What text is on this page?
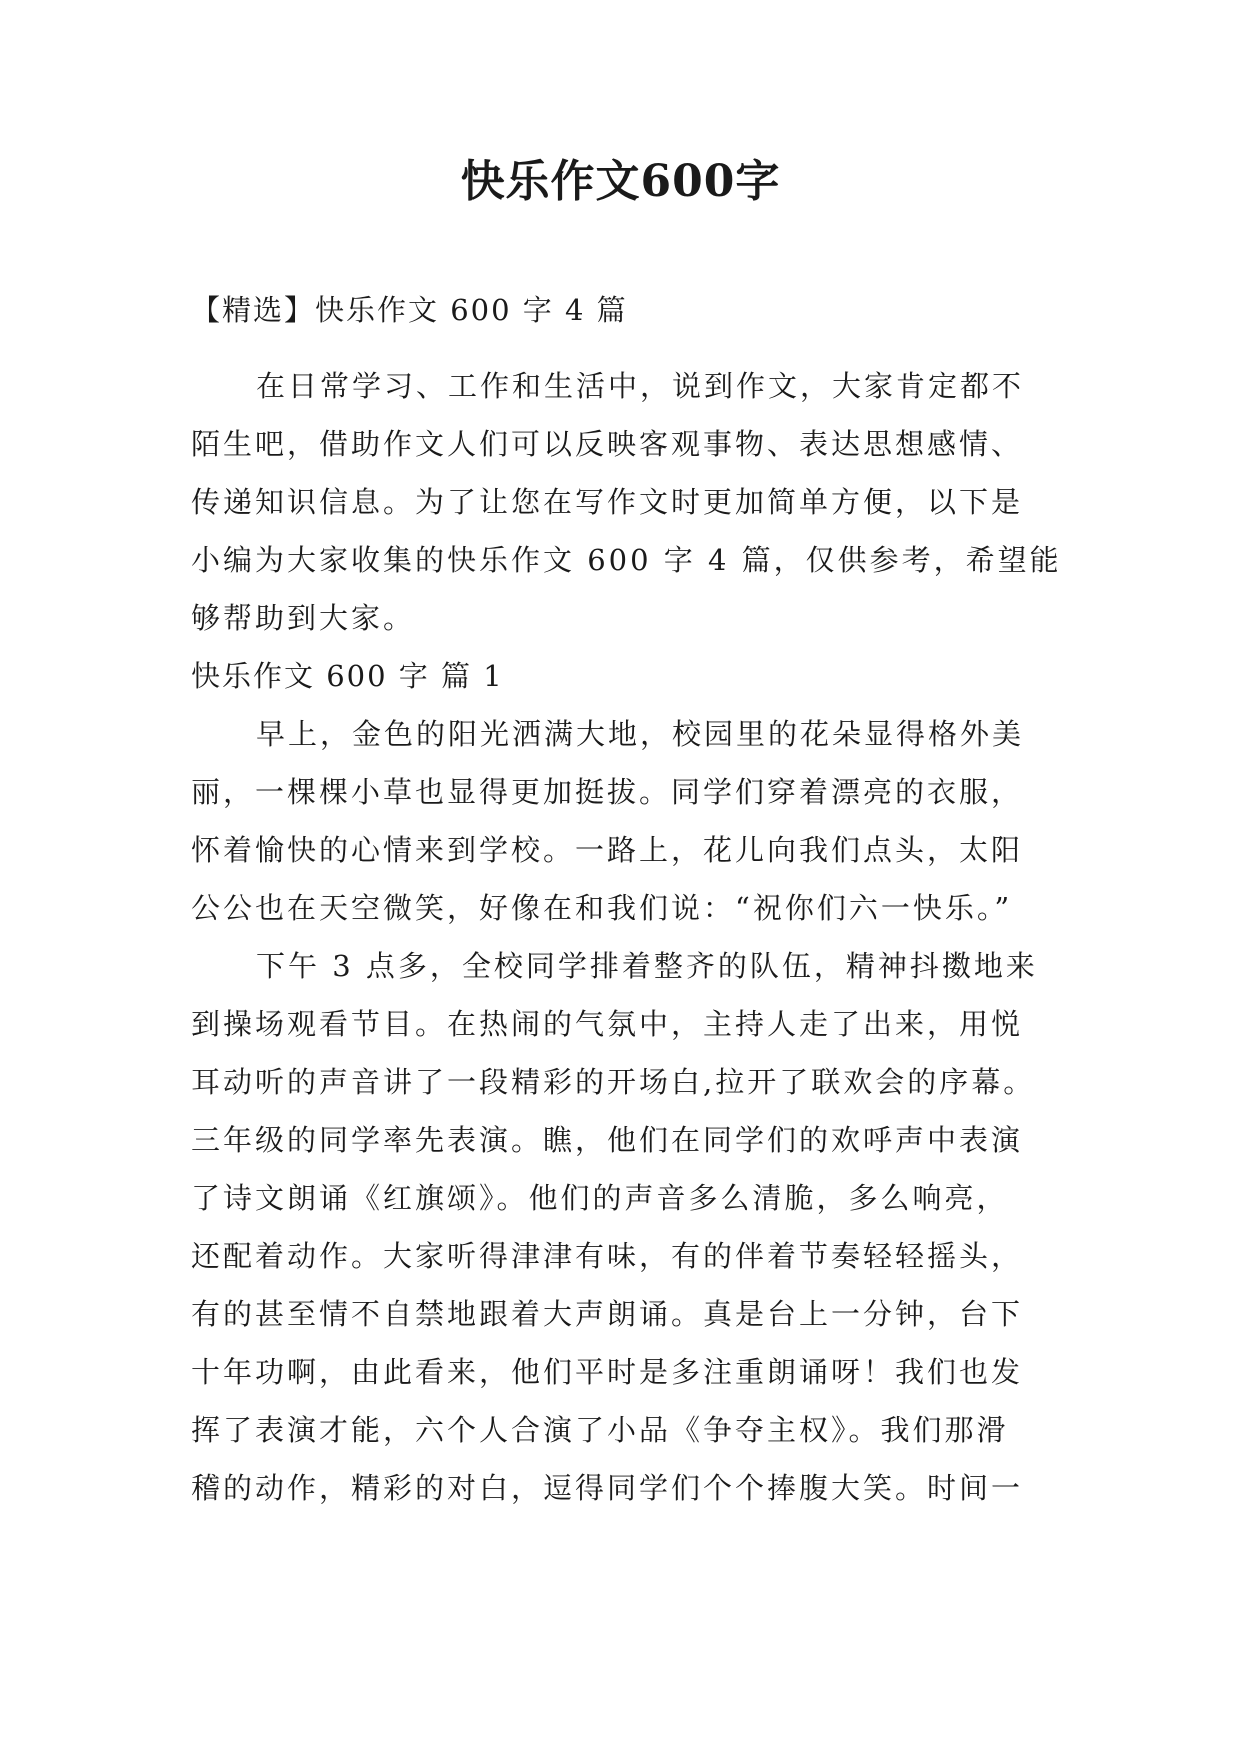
快乐作文600字
【精选】快乐作文 600 字 4 篇
在日常学习、工作和生活中，说到作文，大家肯定都不
陌生吧，借助作文人们可以反映客观事物、表达思想感情、
传递知识信息。为了让您在写作文时更加简单方便，以下是
小编为大家收集的快乐作文 600 字 4 篇，仅供参考，希望能
够帮助到大家。
快乐作文 600 字 篇 1
早上，金色的阳光洒满大地，校园里的花朵显得格外美
丽，一棵棵小草也显得更加挺拔。同学们穿着漂亮的衣服，
怀着愉快的心情来到学校。一路上，花儿向我们点头，太阳
公公也在天空微笑，好像在和我们说：“祝你们六一快乐。”
下午 3 点多，全校同学排着整齐的队伍，精神抖擞地来
到操场观看节目。在热闹的气氛中，主持人走了出来，用悦
耳动听的声音讲了一段精彩的开场白,拉开了联欢会的序幕。
三年级的同学率先表演。瞧，他们在同学们的欢呼声中表演
了诗文朗诵《红旗颂》。他们的声音多么清脆，多么响亮，
还配着动作。大家听得津津有味，有的伴着节奏轻轻摇头，
有的甚至情不自禁地跟着大声朗诵。真是台上一分钟，台下
十年功啊，由此看来，他们平时是多注重朗诵呀！我们也发
挥了表演才能，六个人合演了小品《争夺主权》。我们那滑
稽的动作，精彩的对白，逗得同学们个个捧腹大笑。时间一
